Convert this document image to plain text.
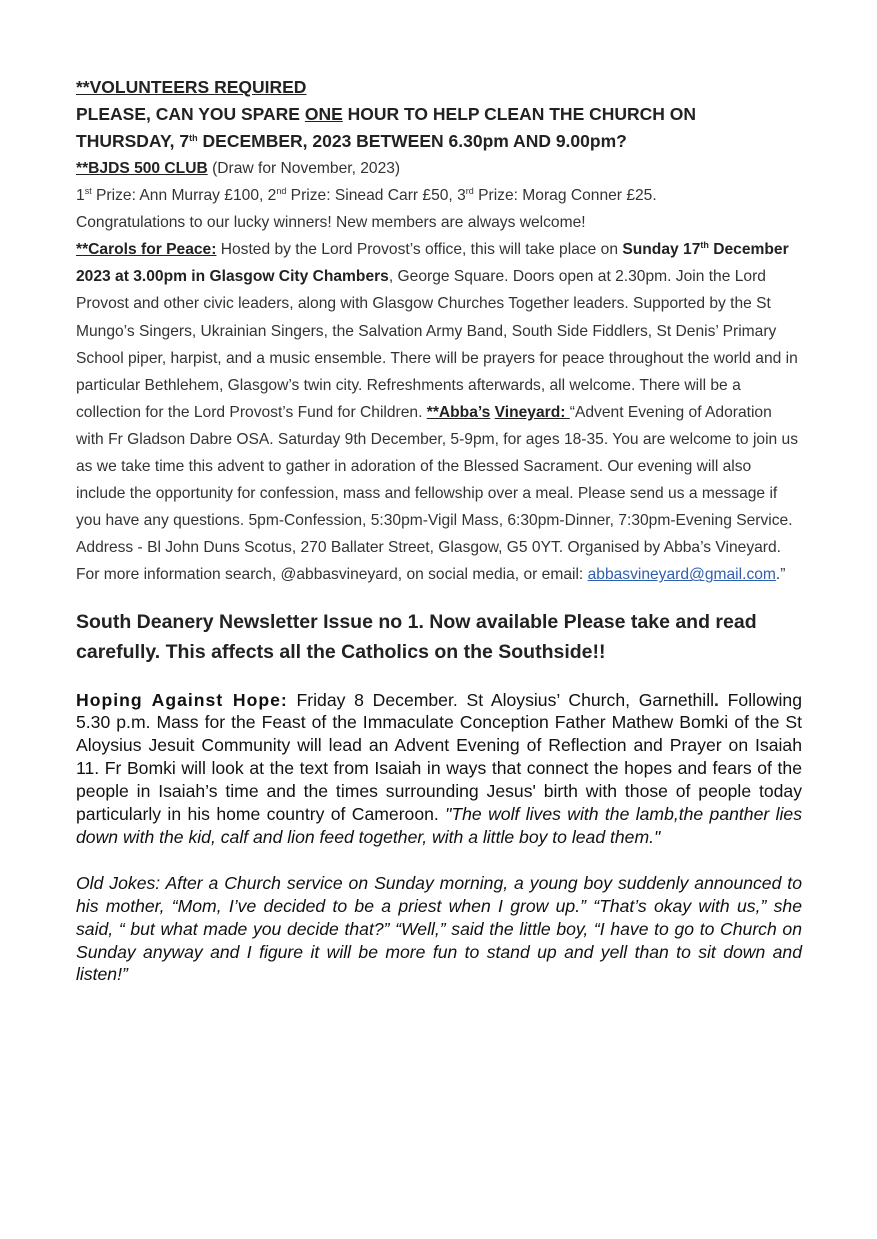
**VOLUNTEERS REQUIRED
PLEASE, CAN YOU SPARE ONE HOUR TO HELP CLEAN THE CHURCH ON
THURSDAY, 7th DECEMBER, 2023 BETWEEN 6.30pm AND 9.00pm?
**BJDS 500 CLUB (Draw for November, 2023)
1st Prize: Ann Murray £100, 2nd Prize: Sinead Carr £50, 3rd Prize: Morag Conner £25.
Congratulations to our lucky winners! New members are always welcome!
**Carols for Peace: Hosted by the Lord Provost’s office, this will take place on Sunday 17th December 2023 at 3.00pm in Glasgow City Chambers, George Square. Doors open at 2.30pm. Join the Lord Provost and other civic leaders, along with Glasgow Churches Together leaders. Supported by the St Mungo’s Singers, Ukrainian Singers, the Salvation Army Band, South Side Fiddlers, St Denis’ Primary School piper, harpist, and a music ensemble. There will be prayers for peace throughout the world and in particular Bethlehem, Glasgow’s twin city. Refreshments afterwards, all welcome. There will be a collection for the Lord Provost’s Fund for Children. **Abba’s Vineyard: “Advent Evening of Adoration with Fr Gladson Dabre OSA. Saturday 9th December, 5-9pm, for ages 18-35. You are welcome to join us as we take time this advent to gather in adoration of the Blessed Sacrament. Our evening will also include the opportunity for confession, mass and fellowship over a meal. Please send us a message if you have any questions. 5pm-Confession, 5:30pm-Vigil Mass, 6:30pm-Dinner, 7:30pm-Evening Service. Address - Bl John Duns Scotus, 270 Ballater Street, Glasgow, G5 0YT. Organised by Abba’s Vineyard. For more information search, @abbasvineyard, on social media, or email: abbasvineyard@gmail.com.”
South Deanery Newsletter Issue no 1. Now available Please take and read carefully. This affects all the Catholics on the Southside!!
Hoping Against Hope: Friday 8 December. St Aloysius’ Church, Garnethill. Following 5.30 p.m. Mass for the Feast of the Immaculate Conception Father Mathew Bomki of the St Aloysius Jesuit Community will lead an Advent Evening of Reflection and Prayer on Isaiah 11. Fr Bomki will look at the text from Isaiah in ways that connect the hopes and fears of the people in Isaiah’s time and the times surrounding Jesus' birth with those of people today particularly in his home country of Cameroon. "The wolf lives with the lamb,the panther lies down with the kid, calf and lion feed together, with a little boy to lead them."
Old Jokes: After a Church service on Sunday morning, a young boy suddenly announced to his mother, “Mom, I’ve decided to be a priest when I grow up.” “That’s okay with us,” she said, “ but what made you decide that?” “Well,” said the little boy, “I have to go to Church on Sunday anyway and I figure it will be more fun to stand up and yell than to sit down and listen!”
